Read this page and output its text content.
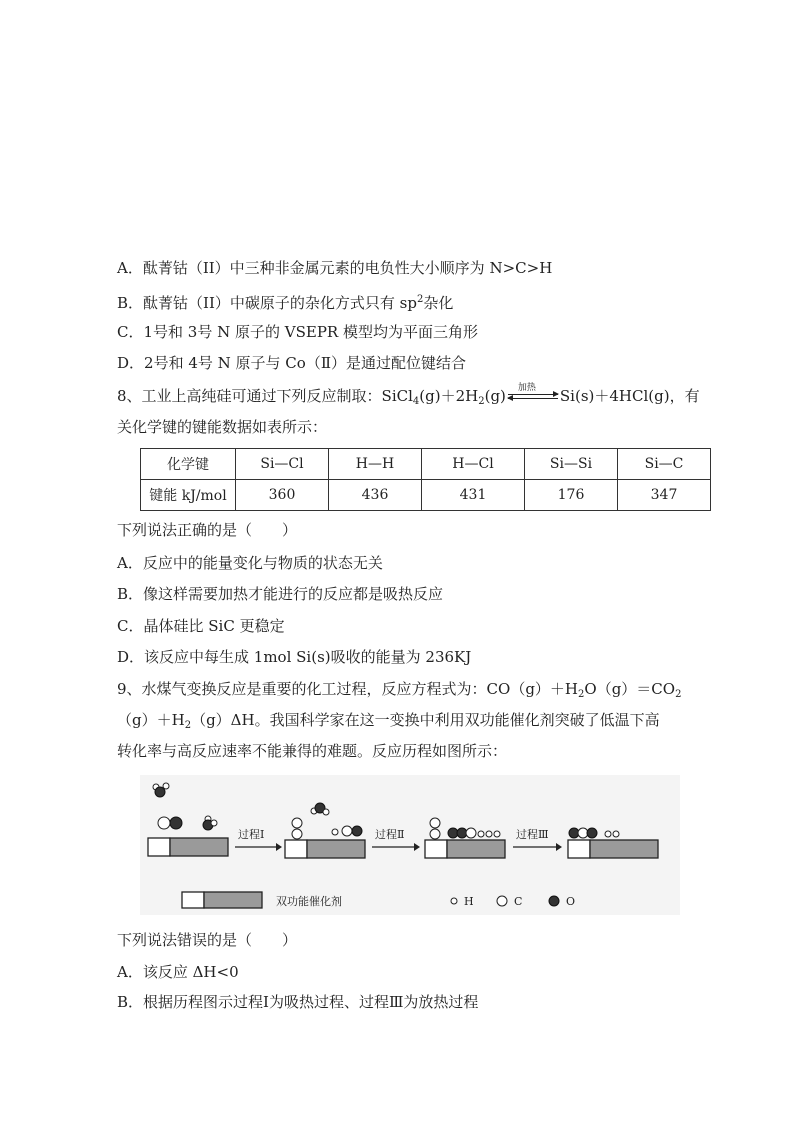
A．酞菁钴（II）中三种非金属元素的电负性大小顺序为 N>C>H
B．酞菁钴（II）中碳原子的杂化方式只有 $sp^2$杂化
C．1号和 3号 N 原子的 VSEPR 模型均为平面三角形
D．2号和 4号 N 原子与 Co（Ⅱ）是通过配位键结合
8、工业上高纯硅可通过下列反应制取：$SiCl_4(g)+2H_2(g)$ 加热 Si(s)＋4HCl(g)，有
关化学键的键能数据如表所示：
化学键	Si—Cl	H—H	H—Cl	Si—Si	Si—C
键能 kJ/mol	360	436	431	176	347
下列说法正确的是（　　）
A．反应中的能量变化与物质的状态无关
B．像这样需要加热才能进行的反应都是吸热反应
C．晶体硅比 SiC 更稳定
D．该反应中每生成 1mol Si(s)吸收的能量为 236KJ
9、水煤气变换反应是重要的化工过程，反应方程式为：$CO(g)+H_2O(g)=CO_2$
$(g)+H_2(g)\Delta H$。我国科学家在这一变换中利用双功能催化剂突破了低温下高
转化率与高反应速率不能兼得的难题。反应历程如图所示：
过程Ⅰ	过程Ⅱ	过程Ⅲ
双功能催化剂	H	C	O
下列说法错误的是（　　）
A．该反应 ΔH<0
B．根据历程图示过程Ⅰ为吸热过程、过程Ⅲ为放热过程
